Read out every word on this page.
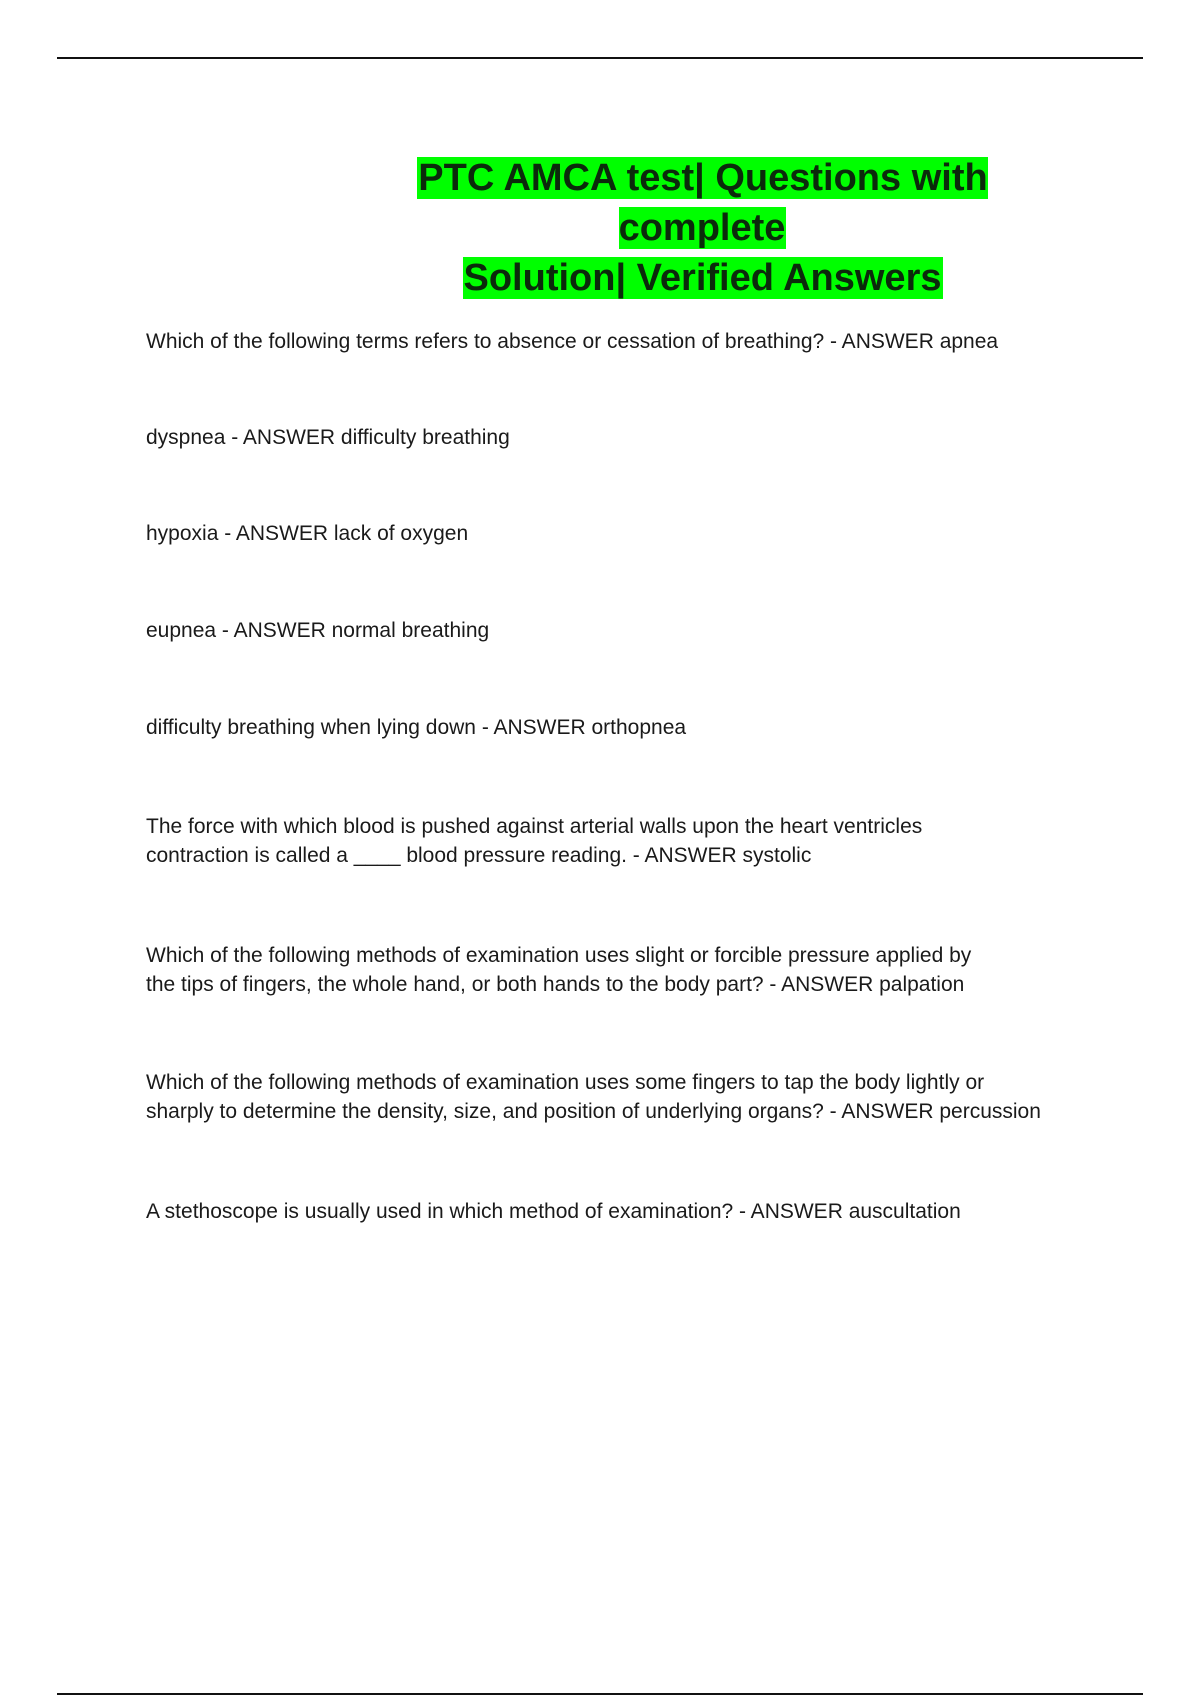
PTC AMCA test| Questions with complete
Solution| Verified Answers
Which of the following terms refers to absence or cessation of breathing? - ANSWER apnea
dyspnea - ANSWER difficulty breathing
hypoxia - ANSWER lack of oxygen
eupnea - ANSWER normal breathing
difficulty breathing when lying down - ANSWER orthopnea
The force with which blood is pushed against arterial walls upon the heart ventricles
contraction is called a ____ blood pressure reading. - ANSWER systolic
Which of the following methods of examination uses slight or forcible pressure applied by
the tips of fingers, the whole hand, or both hands to the body part? - ANSWER palpation
Which of the following methods of examination uses some fingers to tap the body lightly or
sharply to determine the density, size, and position of underlying organs? - ANSWER percussion
A stethoscope is usually used in which method of examination? - ANSWER auscultation
